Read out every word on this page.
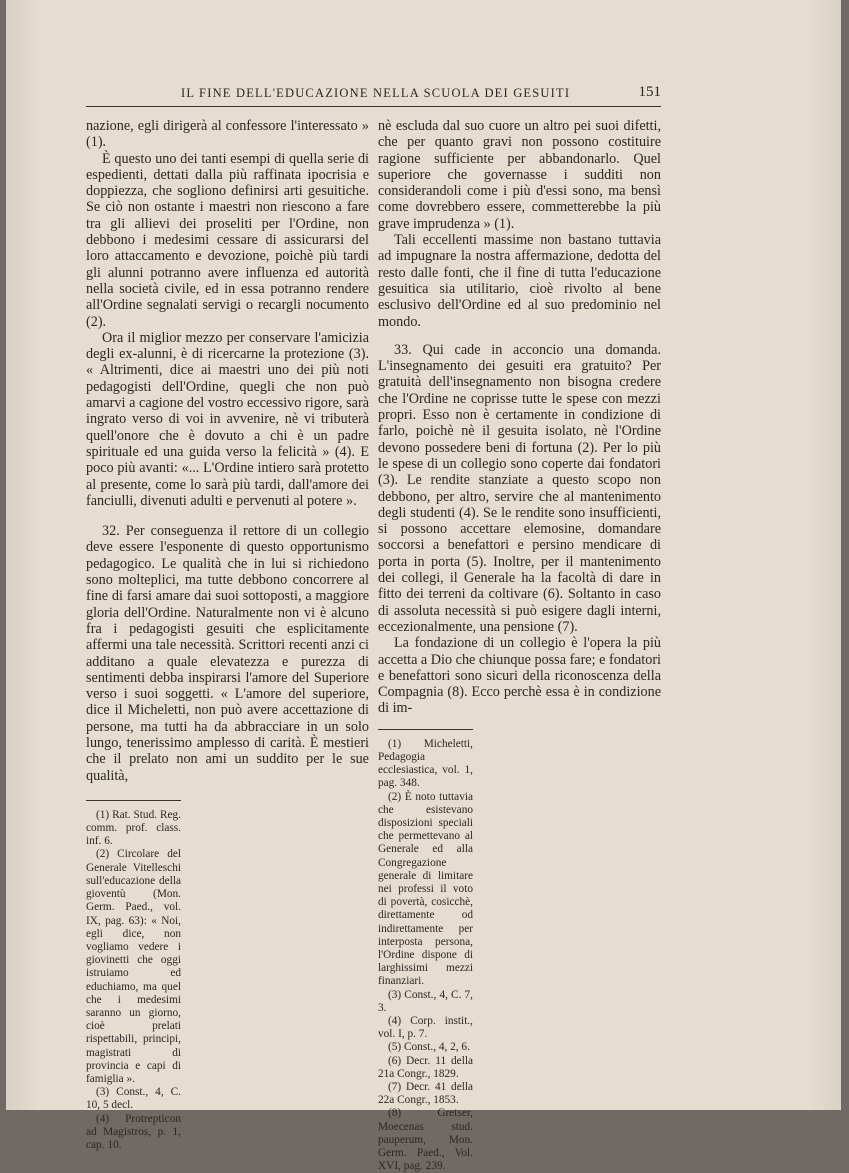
IL FINE DELL'EDUCAZIONE NELLA SCUOLA DEI GESUITI	151

nazione, egli dirigerà al confessore l'interessato » (1).

È questo uno dei tanti esempi di quella serie di espedienti, dettati dalla più raffinata ipocrisia e doppiezza, che sogliono definirsi arti gesuitiche. Se ciò non ostante i maestri non riescono a fare tra gli allievi dei proseliti per l'Ordine, non debbono i medesimi cessare di assicurarsi del loro attaccamento e devozione, poichè più tardi gli alunni potranno avere influenza ed autorità nella società civile, ed in essa potranno rendere all'Ordine segnalati servigi o recargli nocumento (2).

Ora il miglior mezzo per conservare l'amicizia degli ex-alunni, è di ricercarne la protezione (3). « Altrimenti, dice ai maestri uno dei più noti pedagogisti dell'Ordine, quegli che non può amarvi a cagione del vostro eccessivo rigore, sarà ingrato verso di voi in avvenire, nè vi tributerà quell'onore che è dovuto a chi è un padre spirituale ed una guida verso la felicità » (4). E poco più avanti: «... L'Ordine intiero sarà protetto al presente, come lo sarà più tardi, dall'amore dei fanciulli, divenuti adulti e pervenuti al potere ».

32. Per conseguenza il rettore di un collegio deve essere l'esponente di questo opportunismo pedagogico. Le qualità che in lui si richiedono sono molteplici, ma tutte debbono concorrere al fine di farsi amare dai suoi sottoposti, a maggiore gloria dell'Ordine. Naturalmente non vi è alcuno fra i pedagogisti gesuiti che esplicitamente affermi una tale necessità. Scrittori recenti anzi ci additano a quale elevatezza e purezza di sentimenti debba inspirarsi l'amore del Superiore verso i suoi soggetti. « L'amore del superiore, dice il Micheletti, non può avere accettazione di persone, ma tutti ha da abbracciare in un solo lungo, tenerissimo amplesso di carità. È mestieri che il prelato non ami un suddito per le sue qualità,

(1) Rat. Stud. Reg. comm. prof. class. inf. 6.

(2) Circolare del Generale Vitelleschi sull'educazione della gioventù (Mon. Germ. Paed., vol. IX, pag. 63): « Noi, egli dice, non vogliamo vedere i giovinetti che oggi istruiamo ed educhiamo, ma quel che i medesimi saranno un giorno, cioè prelati rispettabili, principi, magistrati di provincia e capi di famiglia ».

(3) Const., 4, C. 10, 5 decl.

(4) Protrepticon ad Magistros, p. 1, cap. 10.

nè escluda dal suo cuore un altro pei suoi difetti, che per quanto gravi non possono costituire ragione sufficiente per abbandonarlo. Quel superiore che governasse i sudditi non considerandoli come i più d'essi sono, ma bensì come dovrebbero essere, commetterebbe la più grave imprudenza » (1).

Tali eccellenti massime non bastano tuttavia ad impugnare la nostra affermazione, dedotta del resto dalle fonti, che il fine di tutta l'educazione gesuitica sia utilitario, cioè rivolto al bene esclusivo dell'Ordine ed al suo predominio nel mondo.

33. Qui cade in acconcio una domanda. L'insegnamento dei gesuiti era gratuito? Per gratuità dell'insegnamento non bisogna credere che l'Ordine ne coprisse tutte le spese con mezzi propri. Esso non è certamente in condizione di farlo, poichè nè il gesuita isolato, nè l'Ordine devono possedere beni di fortuna (2). Per lo più le spese di un collegio sono coperte dai fondatori (3). Le rendite stanziate a questo scopo non debbono, per altro, servire che al mantenimento degli studenti (4). Se le rendite sono insufficienti, si possono accettare elemosine, domandare soccorsi a benefattori e persino mendicare di porta in porta (5). Inoltre, per il mantenimento dei collegi, il Generale ha la facoltà di dare in fitto dei terreni da coltivare (6). Soltanto in caso di assoluta necessità si può esigere dagli interni, eccezionalmente, una pensione (7).

La fondazione di un collegio è l'opera la più accetta a Dio che chiunque possa fare; e fondatori e benefattori sono sicuri della riconoscenza della Compagnia (8). Ecco perchè essa è in condizione di im-

(1) Micheletti, Pedagogia ecclesiastica, vol. 1, pag. 348.

(2) È noto tuttavia che esistevano disposizioni speciali che permettevano al Generale ed alla Congregazione generale di limitare nei professi il voto di povertà, cosicchè, direttamente od indirettamente per interposta persona, l'Ordine dispone di larghissimi mezzi finanziari.

(3) Const., 4, C. 7, 3.

(4) Corp. instit., vol. I, p. 7.

(5) Const., 4, 2, 6.

(6) Decr. 11 della 21a Congr., 1829.

(7) Decr. 41 della 22a Congr., 1853.

(8) Gretser, Moecenas stud. pauperum, Mon. Germ. Paed., Vol. XVI, pag. 239.
